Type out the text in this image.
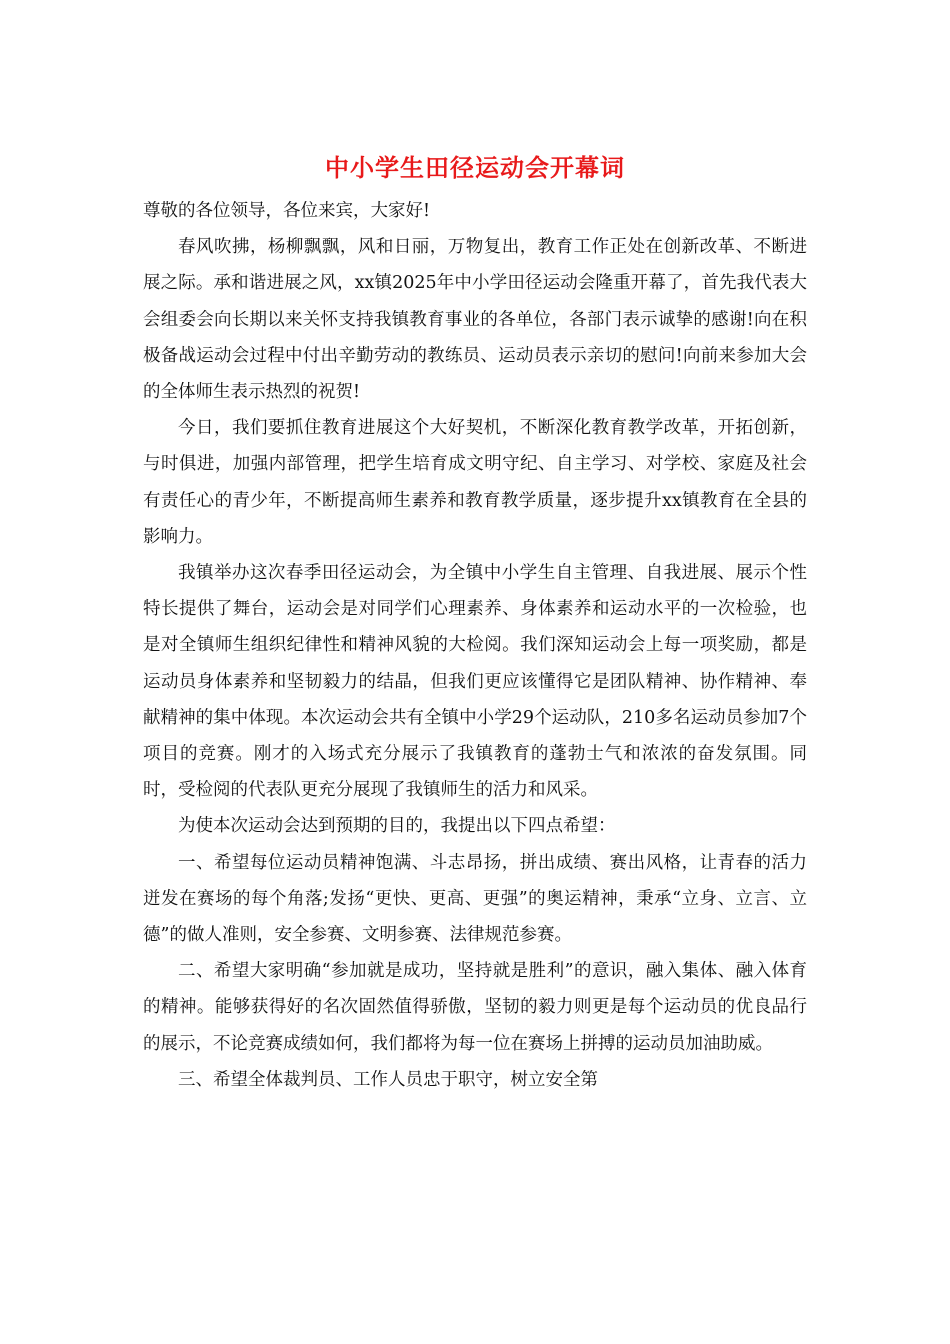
中小学生田径运动会开幕词

尊敬的各位领导，各位来宾，大家好!

春风吹拂，杨柳飘飘，风和日丽，万物复出，教育工作正处在创新改革、不断进展之际。承和谐进展之风，xx镇2025年中小学田径运动会隆重开幕了，首先我代表大会组委会向长期以来关怀支持我镇教育事业的各单位，各部门表示诚挚的感谢!向在积极备战运动会过程中付出辛勤劳动的教练员、运动员表示亲切的慰问!向前来参加大会的全体师生表示热烈的祝贺!

今日，我们要抓住教育进展这个大好契机，不断深化教育教学改革，开拓创新，与时俱进，加强内部管理，把学生培育成文明守纪、自主学习、对学校、家庭及社会有责任心的青少年，不断提高师生素养和教育教学质量，逐步提升xx镇教育在全县的影响力。

我镇举办这次春季田径运动会，为全镇中小学生自主管理、自我进展、展示个性特长提供了舞台，运动会是对同学们心理素养、身体素养和运动水平的一次检验，也是对全镇师生组织纪律性和精神风貌的大检阅。我们深知运动会上每一项奖励，都是运动员身体素养和坚韧毅力的结晶，但我们更应该懂得它是团队精神、协作精神、奉献精神的集中体现。本次运动会共有全镇中小学29个运动队，210多名运动员参加7个项目的竞赛。刚才的入场式充分展示了我镇教育的蓬勃士气和浓浓的奋发氛围。同时，受检阅的代表队更充分展现了我镇师生的活力和风采。

为使本次运动会达到预期的目的，我提出以下四点希望：

一、希望每位运动员精神饱满、斗志昂扬，拼出成绩、赛出风格，让青春的活力迸发在赛场的每个角落;发扬“更快、更高、更强”的奥运精神，秉承“立身、立言、立德”的做人准则，安全参赛、文明参赛、法律规范参赛。

二、希望大家明确“参加就是成功，坚持就是胜利”的意识，融入集体、融入体育的精神。能够获得好的名次固然值得骄傲，坚韧的毅力则更是每个运动员的优良品行的展示，不论竞赛成绩如何，我们都将为每一位在赛场上拼搏的运动员加油助威。

三、希望全体裁判员、工作人员忠于职守，树立安全第
